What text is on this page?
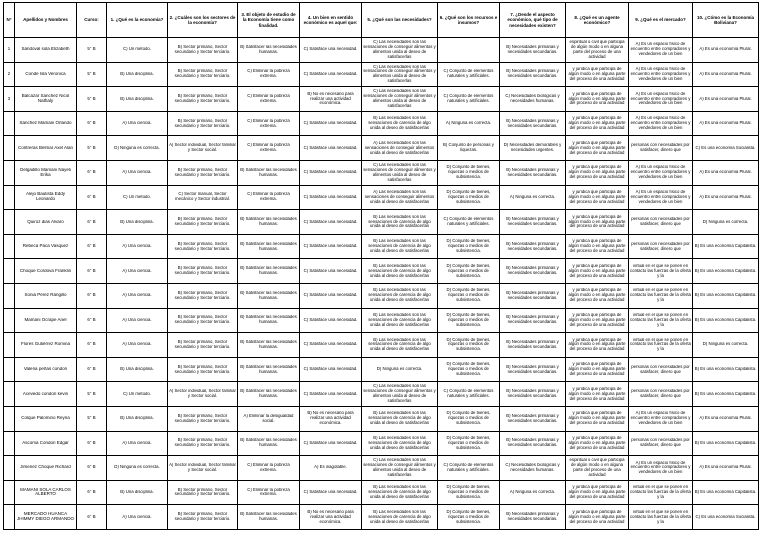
N°	Apellidos y Nombres	Curso:	1. ¿Qué es la economía?	2. ¿Cuáles son los sectores de la economía?	3. El objeto de estudio de la Economía tiene como finalidad.	4. Un bien en sentido económico es aquel que:	5. ¿Qué son las necesidades?	6. ¿Qué son los recursos e insumos?	7. ¿Desde el aspecto económico, qué tipo de necesidades existen?	8. ¿Qué es un agente económico?	9. ¿Qué es el mercado?	10. ¿Cómo es la Economía Boliviana?

1	Sandoval sola Elizabeth	5° B	C) Un método.	B) Sector primario, Sector secundario y Sector terciario.	B) Satisfacer las necesidades humanas.	C) Satisface una necesidad.	C) Las necesidades son las sensaciones de conseguir alimentos y alimentos unida al deseo de satisfacerlas		B) Necesidades primarias y necesidades secundarias.	espiritual o civil que participa de algún modo o en alguna parte del proceso de una actividad	A) Es un espacio físico de encuentro entre compradores y vendedores de un bien	A) Es una economía Plural.

2	Conde Isla Veronica	5° B	B) Una disciplina.	B) Sector primario, Sector secundario y Sector terciario.	C) Eliminar la pobreza extrema.	C) Satisface una necesidad.	C) Las necesidades son las sensaciones de conseguir alimentos y alimentos unida al deseo de satisfacerlas	C) Conjunto de elementos naturales y artificiales.	B) Necesidades primarias y necesidades secundarias.	y jurídica que participa de algún modo o en alguna parte del proceso de una actividad	A) Es un espacio físico de encuentro entre compradores y vendedores de un bien	A) Es una economía Plural.

3	Balcazar Sanchez Nicol Nathaly	5° B	B) Una disciplina.	B) Sector primario, Sector secundario y Sector terciario.	C) Eliminar la pobreza extrema.	B) No es necesario para realizar una actividad económica.	C) Las necesidades son las sensaciones de conseguir alimentos y alimentos unida al deseo de satisfacerlas	C) Conjunto de elementos naturales y artificiales.	C) Necesidades biológicas y necesidades humanas.	y jurídica que participa de algún modo o en alguna parte del proceso de una actividad	A) Es un espacio físico de encuentro entre compradores y vendedores de un bien	A) Es una economía Plural.

	Sanchez Mamani Orlando	6° B	A) Una ciencia.	B) Sector primario, Sector secundario y Sector terciario.	C) Eliminar la pobreza extrema.	C) Satisface una necesidad.	B) Las necesidades son las sensaciones de carencia de algo unida al deseo de satisfacerlas	A) Ninguna es correcta.	B) Necesidades primarias y necesidades secundarias.	y jurídica que participa de algún modo o en alguna parte del proceso de una actividad	A) Es un espacio físico de encuentro entre compradores y vendedores de un bien	A) Es una economía Plural.

	Contreras Belmar Axel Alan	5° B	D) Ninguna es correcta.	A) Sector individual, Sector familiar y Sector social.	C) Eliminar la pobreza extrema.	C) Satisface una necesidad.	A) Las necesidades son las sensaciones de conseguir alimentos unida al deseo de satisfacerlas	B) Conjunto de personas y riquezas.	D) Necesidades demorables y necesidades urgentes.	y jurídica que participa de algún modo o en alguna parte del proceso de una actividad	personas con necesidades por satisfacer, dinero que	C) Es una economía Socialista.

	Delgadillo Mamani Nayeli Erika	6° B	A) Una ciencia.	B) Sector primario, Sector secundario y Sector terciario.	B) Satisfacer las necesidades humanas.	C) Satisface una necesidad.	C) Las necesidades son las sensaciones de conseguir alimentos y alimentos unida al deseo de satisfacerlas	D) Conjunto de bienes, riquezas o medios de subsistencia.	B) Necesidades primarias y necesidades secundarias.	y jurídica que participa de algún modo o en alguna parte del proceso de una actividad	A) Es un espacio físico de encuentro entre compradores y vendedores de un bien	A) Es una economía Plural.

	Alejo Bautista Eddy Leonardo	6° B	C) Un método.	C) Sector manual, Sector mecánico y Sector industrial.	C) Eliminar la pobreza extrema.	C) Satisface una necesidad.	A) Las necesidades son las sensaciones de conseguir alimentos unida al deseo de satisfacerlas	D) Conjunto de bienes, riquezas o medios de subsistencia.	A) Ninguna es correcta.	y jurídica que participa de algún modo o en alguna parte del proceso de una actividad	A) Es un espacio físico de encuentro entre compradores y vendedores de un bien	A) Es una economía Plural.

	Quiroz dias Alvaro	6° B	B) Una disciplina.	B) Sector primario, Sector secundario y Sector terciario.	B) Satisfacer las necesidades humanas.	C) Satisface una necesidad.	B) Las necesidades son las sensaciones de carencia de algo unida al deseo de satisfacerlas	C) Conjunto de elementos naturales y artificiales.	B) Necesidades primarias y necesidades secundarias.	y jurídica que participa de algún modo o en alguna parte del proceso de una actividad	personas con necesidades por satisfacer, dinero que	D) Ninguna es correcta.

	Rebeca Paca Vasquez	6° B	A) Una ciencia.	B) Sector primario, Sector secundario y Sector terciario.	B) Satisfacer las necesidades humanas.	C) Satisface una necesidad.	B) Las necesidades son las sensaciones de carencia de algo unida al deseo de satisfacerlas	D) Conjunto de bienes, riquezas o medios de subsistencia.	B) Necesidades primarias y necesidades secundarias.	y jurídica que participa de algún modo o en alguna parte del proceso de una actividad	personas con necesidades por satisfacer, dinero que	B) Es una economía Capitalista.

	Choque Cordova Franklin	6° B	A) Una ciencia.	B) Sector primario, Sector secundario y Sector terciario.	B) Satisfacer las necesidades humanas.	C) Satisface una necesidad.	B) Las necesidades son las sensaciones de carencia de algo unida al deseo de satisfacerlas	D) Conjunto de bienes, riquezas o medios de subsistencia.	B) Necesidades primarias y necesidades secundarias.	y jurídica que participa de algún modo o en alguna parte del proceso de una actividad	virtual en el que se ponen en contacto las fuerzas de la oferta y la	B) Es una economía Capitalista.

	Sonia Pérez Rangillo	6° B	A) Una ciencia.	B) Sector primario, Sector secundario y Sector terciario.	B) Satisfacer las necesidades humanas.	C) Satisface una necesidad.	B) Las necesidades son las sensaciones de carencia de algo unida al deseo de satisfacerlas	D) Conjunto de bienes, riquezas o medios de subsistencia.	B) Necesidades primarias y necesidades secundarias.	y jurídica que participa de algún modo o en alguna parte del proceso de una actividad	virtual en el que se ponen en contacto las fuerzas de la oferta y la	B) Es una economía Capitalista.

	Mamani Ocrape Anel	6° B	A) Una ciencia.	B) Sector primario, Sector secundario y Sector terciario.	B) Satisfacer las necesidades humanas.	C) Satisface una necesidad.	B) Las necesidades son las sensaciones de carencia de algo unida al deseo de satisfacerlas	D) Conjunto de bienes, riquezas o medios de subsistencia.	B) Necesidades primarias y necesidades secundarias.	y jurídica que participa de algún modo o en alguna parte del proceso de una actividad	virtual en el que se ponen en contacto las fuerzas de la oferta y la	B) Es una economía Capitalista.

	Flores Gutiérrez Romina	6° B	A) Una ciencia.	B) Sector primario, Sector secundario y Sector terciario.	B) Satisfacer las necesidades humanas.	C) Satisface una necesidad.	B) Las necesidades son las sensaciones de carencia de algo unida al deseo de satisfacerlas	D) Conjunto de bienes, riquezas o medios de subsistencia.	B) Necesidades primarias y necesidades secundarias.	y jurídica que participa de algún modo o en alguna parte del proceso de una actividad	virtual en el que se ponen en contacto las fuerzas de la oferta y la	D) Ninguna es correcta.

	Valeria peñas condori	6° B	B) Una disciplina.	B) Sector primario, Sector secundario y Sector terciario.	B) Satisfacer las necesidades humanas.	C) Satisface una necesidad.	D) Ninguna es correcta.	D) Conjunto de bienes, riquezas o medios de subsistencia.	B) Necesidades primarias y necesidades secundarias.	y jurídica que participa de algún modo o en alguna parte del proceso de una actividad	personas con necesidades por satisfacer, dinero que	B) Es una economía Capitalista.

	Acevedo condori kevin	5° B	C) Un método.	A) Sector individual, Sector familiar y Sector social.	B) Satisfacer las necesidades humanas.	C) Satisface una necesidad.	C) Las necesidades son las sensaciones de conseguir alimentos y alimentos unida al deseo de satisfacerlas	C) Conjunto de elementos naturales y artificiales.	B) Necesidades primarias y necesidades secundarias.	y jurídica que participa de algún modo o en alguna parte del proceso de una actividad	personas con necesidades por satisfacer, dinero que	B) Es una economía Capitalista.

	Colque Palomino Reyna	5° B	B) Una disciplina.	B) Sector primario, Sector secundario y Sector terciario.	A) Eliminar la desigualdad social.	B) No es necesario para realizar una actividad económica.	B) Las necesidades son las sensaciones de carencia de algo unida al deseo de satisfacerlas	D) Conjunto de bienes, riquezas o medios de subsistencia.	B) Necesidades primarias y necesidades secundarias.	y jurídica que participa de algún modo o en alguna parte del proceso de una actividad	A) Es un espacio físico de encuentro entre compradores y vendedores de un bien	A) Es una economía Plural.

	Ascoma Condori Edgar	6° B	A) Una ciencia.	B) Sector primario, Sector secundario y Sector terciario.	B) Satisfacer las necesidades humanas.	C) Satisface una necesidad.	B) Las necesidades son las sensaciones de carencia de algo unida al deseo de satisfacerlas	D) Conjunto de bienes, riquezas o medios de subsistencia.	B) Necesidades primarias y necesidades secundarias.	y jurídica que participa de algún modo o en alguna parte del proceso de una actividad	personas con necesidades por satisfacer, dinero que	B) Es una economía Capitalista.

	Jimenez Choque Richard	6° B	D) Ninguna es correcta.	A) Sector individual, Sector familiar y Sector social.	C) Eliminar la pobreza extrema.	A) Es inagotable.	C) Las necesidades son las sensaciones de conseguir alimentos y alimentos unida al deseo de satisfacerlas	C) Conjunto de elementos naturales y artificiales.	C) Necesidades biológicas y necesidades humanas.	espiritual o civil que participa de algún modo o en alguna parte del proceso de una actividad	A) Es un espacio físico de encuentro entre compradores y vendedores de un bien	A) Es una economía Plural.

	MAMANI SOLA CARLOS ALBERTO	6° B	B) Una disciplina.	B) Sector primario, Sector secundario y Sector terciario.	C) Eliminar la pobreza extrema.	C) Satisface una necesidad.	B) Las necesidades son las sensaciones de carencia de algo unida al deseo de satisfacerlas	D) Conjunto de bienes, riquezas o medios de subsistencia.	A) Ninguna es correcta.	y jurídica que participa de algún modo o en alguna parte del proceso de una actividad	virtual en el que se ponen en contacto las fuerzas de la oferta y la	B) Es una economía Capitalista.

	MERCADO HUANCA JHIMMY DIEGO ARMANDO	6° B	A) Una ciencia.	B) Sector primario, Sector secundario y Sector terciario.	B) Satisfacer las necesidades humanas.	B) No es necesario para realizar una actividad económica.	B) Las necesidades son las sensaciones de carencia de algo unida al deseo de satisfacerlas	D) Conjunto de bienes, riquezas o medios de subsistencia.	B) Necesidades primarias y necesidades secundarias.	y jurídica que participa de algún modo o en alguna parte del proceso de una actividad	virtual en el que se ponen en contacto las fuerzas de la oferta y la	C) Es una economía Socialista.
